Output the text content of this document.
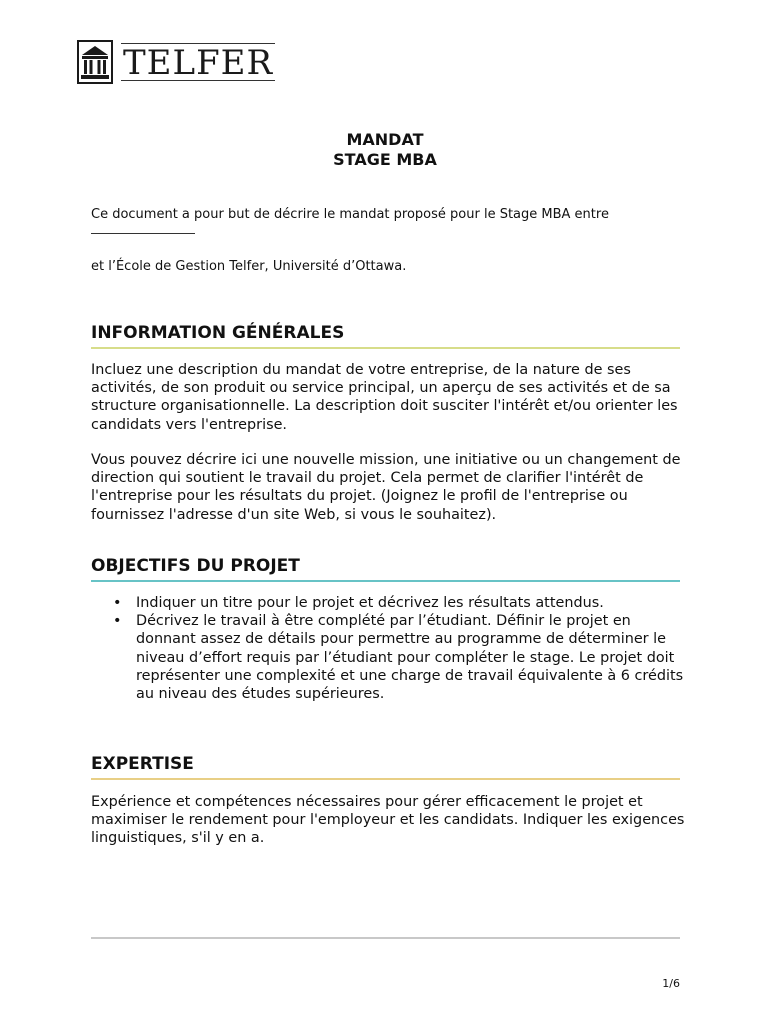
TELFER
MANDAT
STAGE MBA
Ce document a pour but de décrire le mandat proposé pour le Stage MBA entre
et l’École de Gestion Telfer, Université d’Ottawa.
INFORMATION GÉNÉRALES

Incluez une description du mandat de votre entreprise, de la nature de ses activités, de son produit ou service principal, un aperçu de ses activités et de sa structure organisationnelle. La description doit susciter l'intérêt et/ou orienter les candidats vers l'entreprise.

Vous pouvez décrire ici une nouvelle mission, une initiative ou un changement de direction qui soutient le travail du projet. Cela permet de clarifier l'intérêt de l'entreprise pour les résultats du projet. (Joignez le profil de l'entreprise ou fournissez l'adresse d'un site Web, si vous le souhaitez).

OBJECTIFS DU PROJET
• Indiquer un titre pour le projet et décrivez les résultats attendus.
• Décrivez le travail à être complété par l’étudiant. Définir le projet en donnant assez de détails pour permettre au programme de déterminer le niveau d’effort requis par l’étudiant pour compléter le stage. Le projet doit représenter une complexité et une charge de travail équivalente à 6 crédits au niveau des études supérieures.
EXPERTISE

Expérience et compétences nécessaires pour gérer efficacement le projet et maximiser le rendement pour l'employeur et les candidats. Indiquer les exigences linguistiques, s'il y en a.

1/6
